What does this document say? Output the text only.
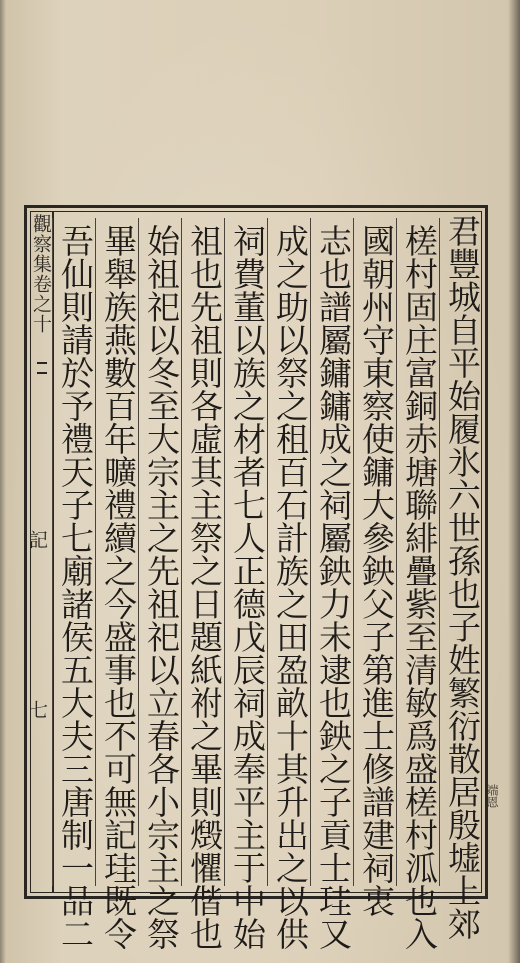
觀察集卷之十
記
七	君豐城自平始履氷六世孫也子姓繁衍散居殷墟上郊
槎村固庄富銅赤塘聯緋疊紫至清敏爲盛槎村泒也入
國朝州守東察使鏞大參鉠父子第進士修譜建祠衷
志也譜屬鏞鏞成之祠屬鉠力未逮也鉠之子貢士珪又
成之助以祭之租百石計族之田盈畝十其升出之以供
祠費董以族之材者七人正德戊辰祠成奉平主于中始
祖也先祖則各虛其主祭之日題紙祔之畢則燬懼偕也
始祖祀以冬至大宗主之先祖祀以立春各小宗主之祭
畢舉族燕數百年曠禮續之今盛事也不可無記珪既令
吾仙則請於予禮天子七廟諸侯五大夫三唐制一品二	端恩
